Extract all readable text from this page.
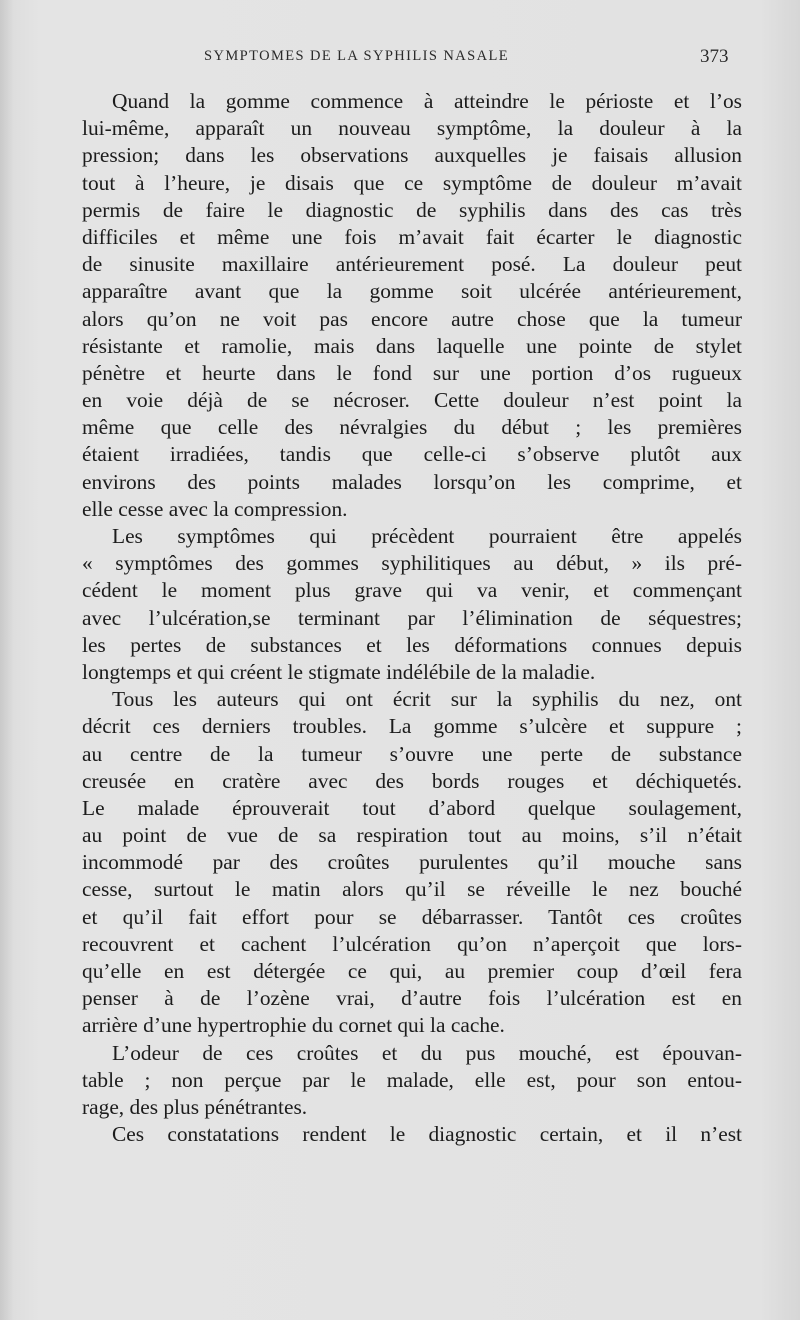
SYMPTOMES DE LA SYPHILIS NASALE	373
Quand la gomme commence à atteindre le périoste et l’os
lui-même, apparaît un nouveau symptôme, la douleur à la
pression; dans les observations auxquelles je faisais allusion
tout à l’heure, je disais que ce symptôme de douleur m’avait
permis de faire le diagnostic de syphilis dans des cas très
difficiles et même une fois m’avait fait écarter le diagnostic
de sinusite maxillaire antérieurement posé. La douleur peut
apparaître avant que la gomme soit ulcérée antérieurement,
alors qu’on ne voit pas encore autre chose que la tumeur
résistante et ramolie, mais dans laquelle une pointe de stylet
pénètre et heurte dans le fond sur une portion d’os rugueux
en voie déjà de se nécroser. Cette douleur n’est point la
même que celle des névralgies du début ; les premières
étaient irradiées, tandis que celle-ci s’observe plutôt aux
environs des points malades lorsqu’on les comprime, et
elle cesse avec la compression.
Les symptômes qui précèdent pourraient être appelés
« symptômes des gommes syphilitiques au début, » ils pré-
cédent le moment plus grave qui va venir, et commençant
avec l’ulcération,se terminant par l’élimination de séquestres;
les pertes de substances et les déformations connues depuis
longtemps et qui créent le stigmate indélébile de la maladie.
Tous les auteurs qui ont écrit sur la syphilis du nez, ont
décrit ces derniers troubles. La gomme s’ulcère et suppure ;
au centre de la tumeur s’ouvre une perte de substance
creusée en cratère avec des bords rouges et déchiquetés.
Le malade éprouverait tout d’abord quelque soulagement,
au point de vue de sa respiration tout au moins, s’il n’était
incommodé par des croûtes purulentes qu’il mouche sans
cesse, surtout le matin alors qu’il se réveille le nez bouché
et qu’il fait effort pour se débarrasser. Tantôt ces croûtes
recouvrent et cachent l’ulcération qu’on n’aperçoit que lors-
qu’elle en est détergée ce qui, au premier coup d’œil fera
penser à de l’ozène vrai, d’autre fois l’ulcération est en
arrière d’une hypertrophie du cornet qui la cache.
L’odeur de ces croûtes et du pus mouché, est épouvan-
table ; non perçue par le malade, elle est, pour son entou-
rage, des plus pénétrantes.
Ces constatations rendent le diagnostic certain, et il n’est
